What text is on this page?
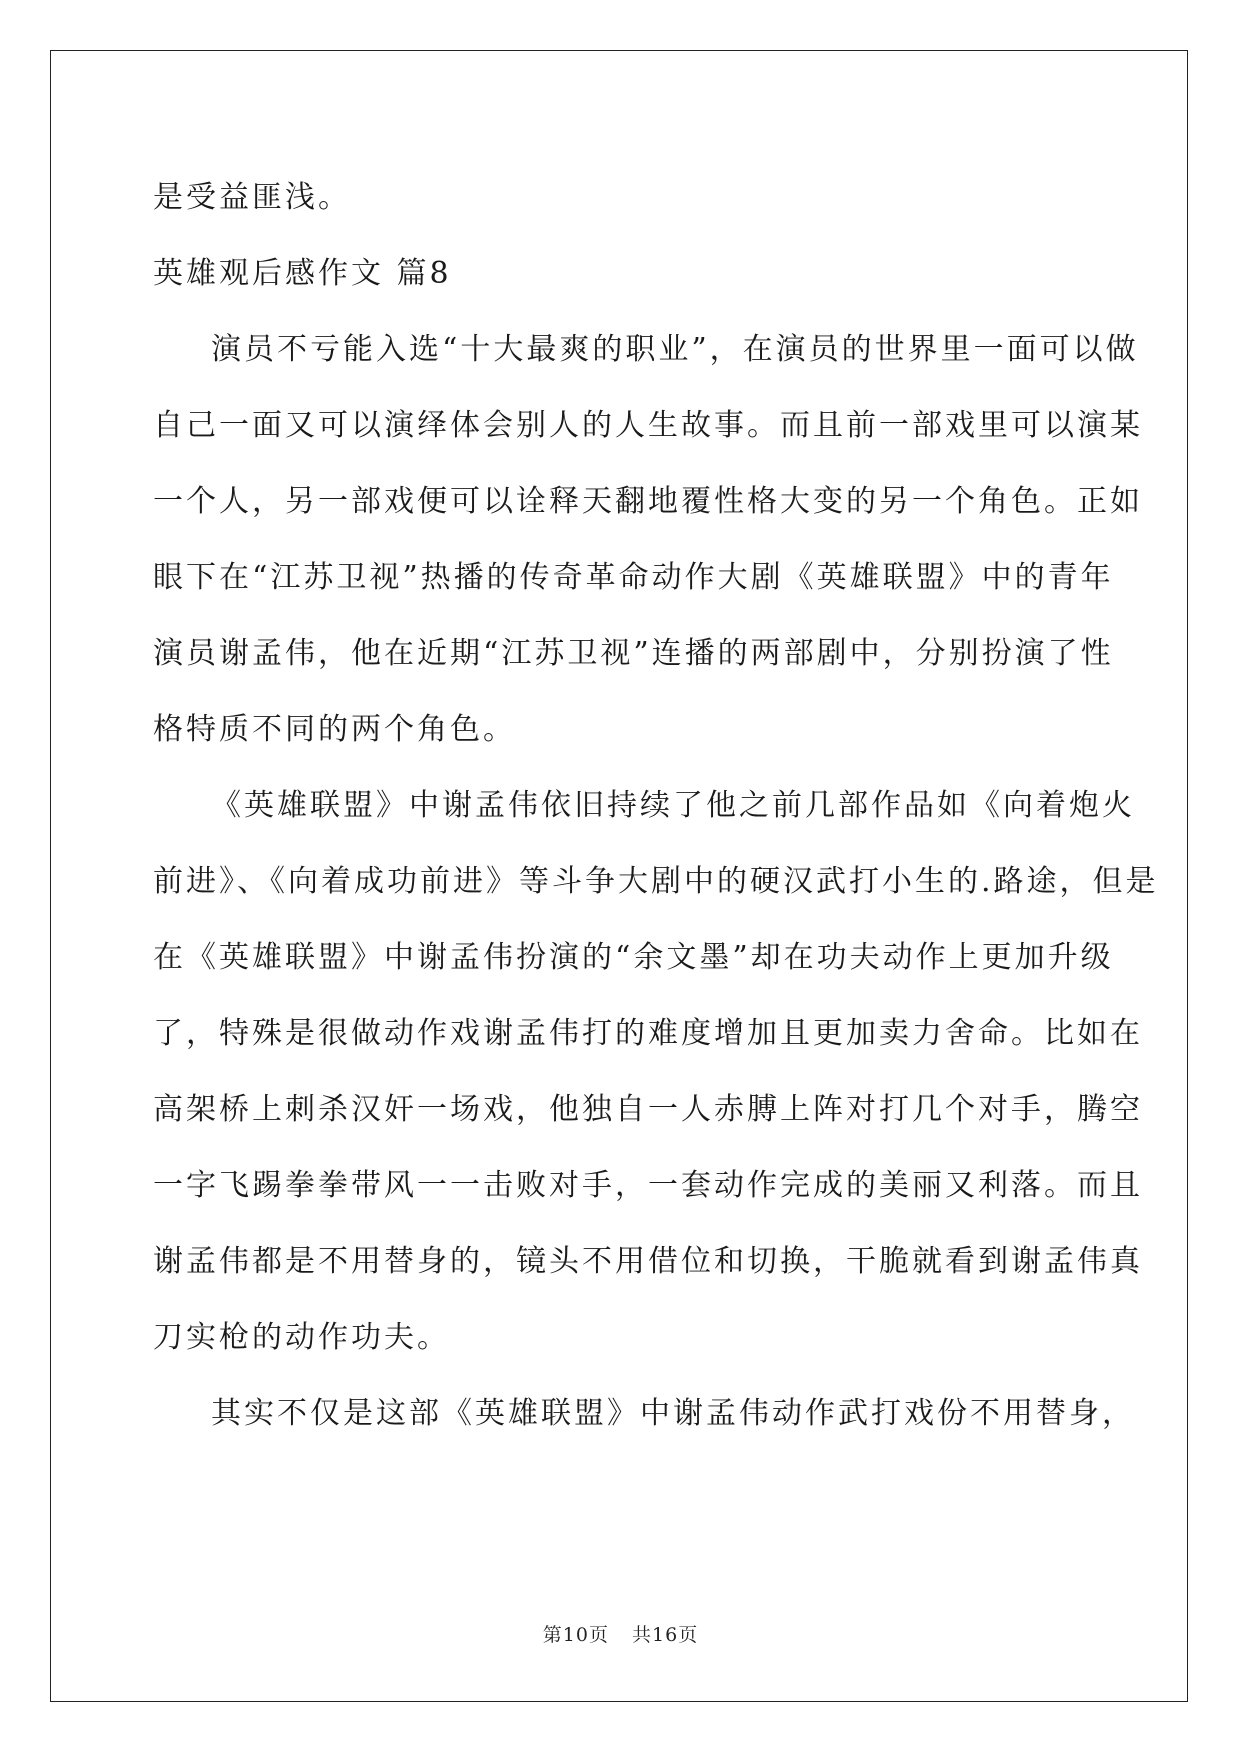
是受益匪浅。

英雄观后感作文 篇8

演员不亏能入选“十大最爽的职业”，在演员的世界里一面可以做

自己一面又可以演绎体会别人的人生故事。而且前一部戏里可以演某

一个人，另一部戏便可以诠释天翻地覆性格大变的另一个角色。正如

眼下在“江苏卫视”热播的传奇革命动作大剧《英雄联盟》中的青年

演员谢孟伟，他在近期“江苏卫视”连播的两部剧中，分别扮演了性

格特质不同的两个角色。

《英雄联盟》中谢孟伟依旧持续了他之前几部作品如《向着炮火

前进》、《向着成功前进》等斗争大剧中的硬汉武打小生的.路途，但是

在《英雄联盟》中谢孟伟扮演的“余文墨”却在功夫动作上更加升级

了，特殊是很做动作戏谢孟伟打的难度增加且更加卖力舍命。比如在

高架桥上刺杀汉奸一场戏，他独自一人赤膊上阵对打几个对手，腾空

一字飞踢拳拳带风一一击败对手，一套动作完成的美丽又利落。而且

谢孟伟都是不用替身的，镜头不用借位和切换，干脆就看到谢孟伟真

刀实枪的动作功夫。

其实不仅是这部《英雄联盟》中谢孟伟动作武打戏份不用替身，

第10页 共16页
